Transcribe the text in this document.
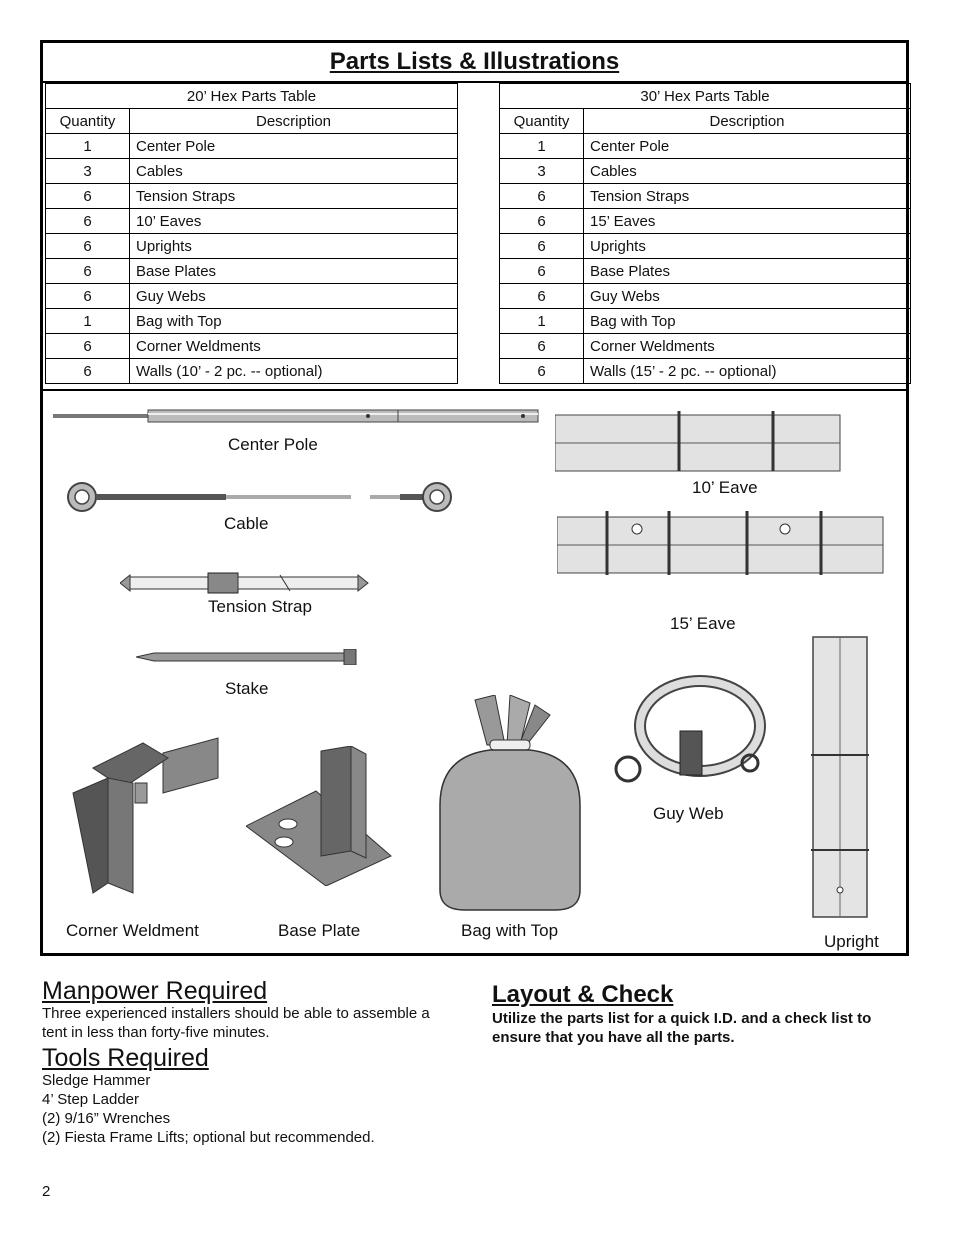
Parts Lists & Illustrations
20’ Hex Parts Table	
Quantity	Description
1	Center Pole
3	Cables
6	Tension Straps
6	10’ Eaves
6	Uprights
6	Base Plates
6	Guy Webs
1	Bag with Top
6	Corner Weldments
6	Walls (10’ - 2 pc. -- optional)
30’ Hex Parts Table	
Quantity	Description
1	Center Pole
3	Cables
6	Tension Straps
6	15’ Eaves
6	Uprights
6	Base Plates
6	Guy Webs
1	Bag with Top
6	Corner Weldments
6	Walls (15’ - 2 pc. -- optional)
Center Pole
Cable
Tension Strap
Stake
10’ Eave
15’ Eave
Guy Web
Upright
Corner Weldment	Base Plate	Bag with Top
Manpower Required
Three experienced installers should be able to assemble a
tent in less than forty-five minutes.
Tools Required
Sledge Hammer
4’ Step Ladder
(2) 9/16” Wrenches
(2) Fiesta Frame Lifts; optional but recommended.
Layout & Check
Utilize the parts list for a quick I.D. and a check list to
ensure that you have all the parts.
2
